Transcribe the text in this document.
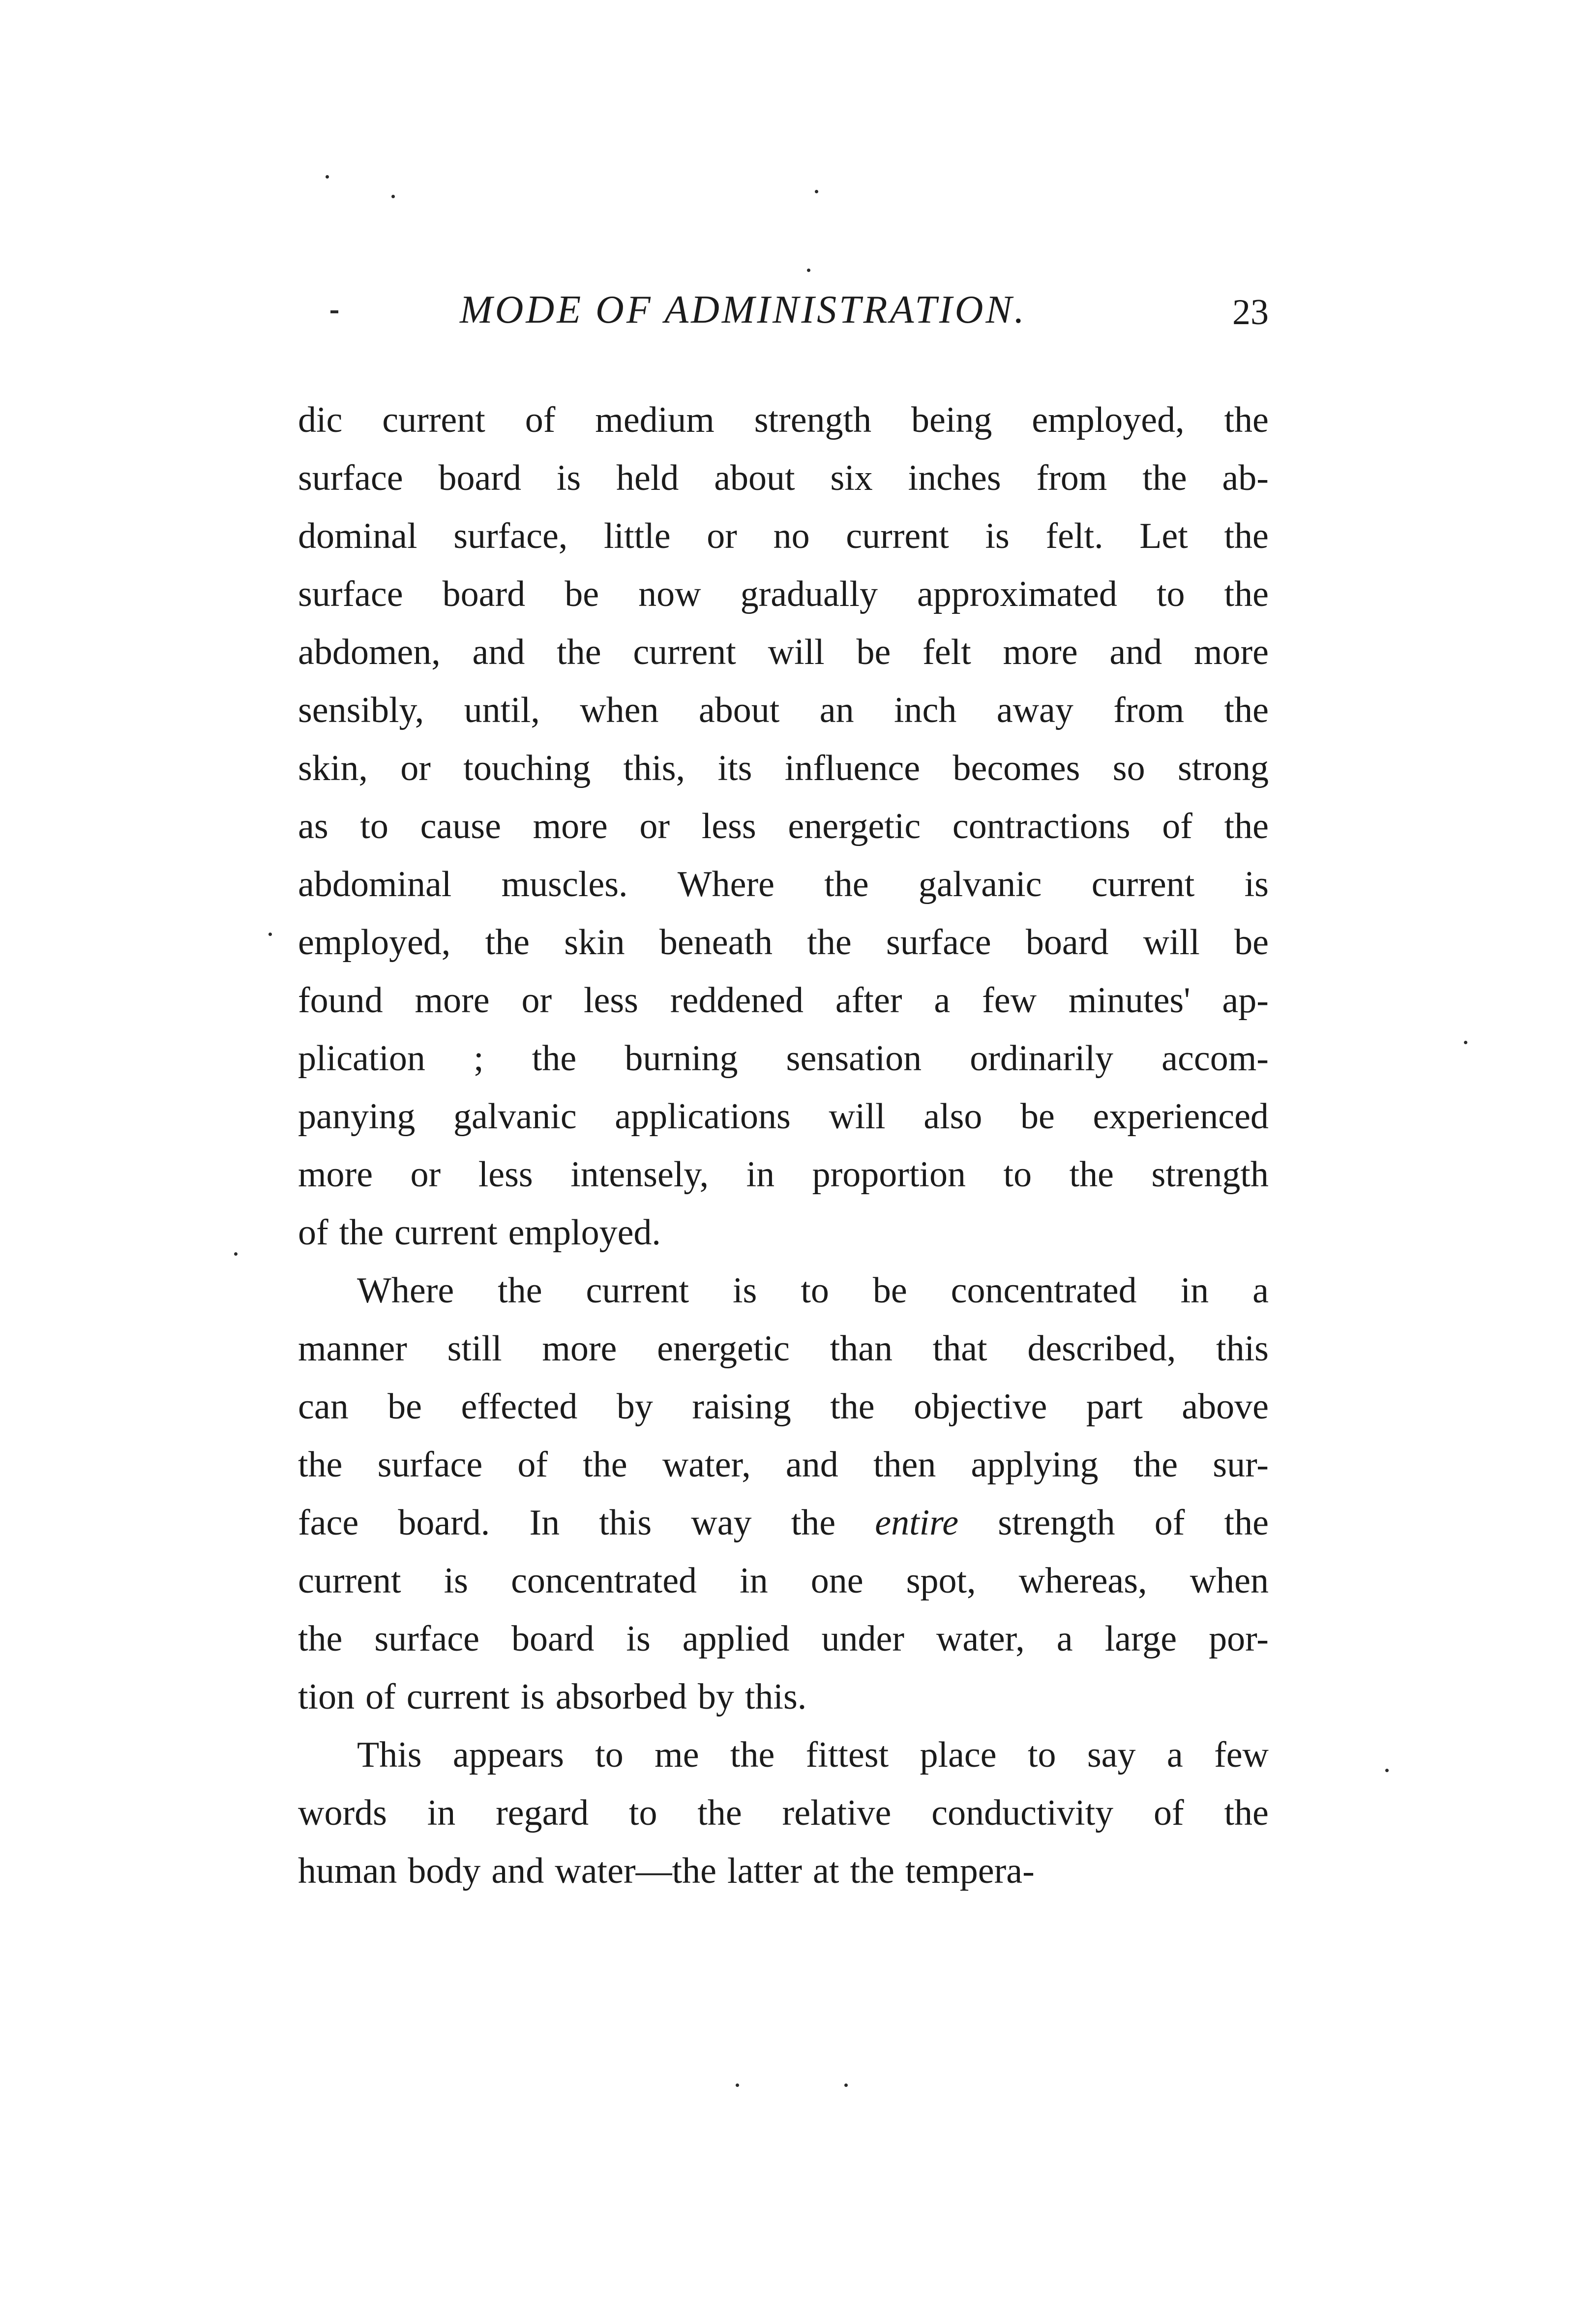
MODE OF ADMINISTRATION.	23
dic current of medium strength being employed, the
surface board is held about six inches from the ab-
dominal surface, little or no current is felt. Let the
surface board be now gradually approximated to the
abdomen, and the current will be felt more and more
sensibly, until, when about an inch away from the
skin, or touching this, its influence becomes so strong
as to cause more or less energetic contractions of the
abdominal muscles. Where the galvanic current is
employed, the skin beneath the surface board will be
found more or less reddened after a few minutes' ap-
plication ; the burning sensation ordinarily accom-
panying galvanic applications will also be experienced
more or less intensely, in proportion to the strength
of the current employed.
Where the current is to be concentrated in a
manner still more energetic than that described, this
can be effected by raising the objective part above
the surface of the water, and then applying the sur-
face board. In this way the entire strength of the
current is concentrated in one spot, whereas, when
the surface board is applied under water, a large por-
tion of current is absorbed by this.
This appears to me the fittest place to say a few
words in regard to the relative conductivity of the
human body and water—the latter at the tempera-
